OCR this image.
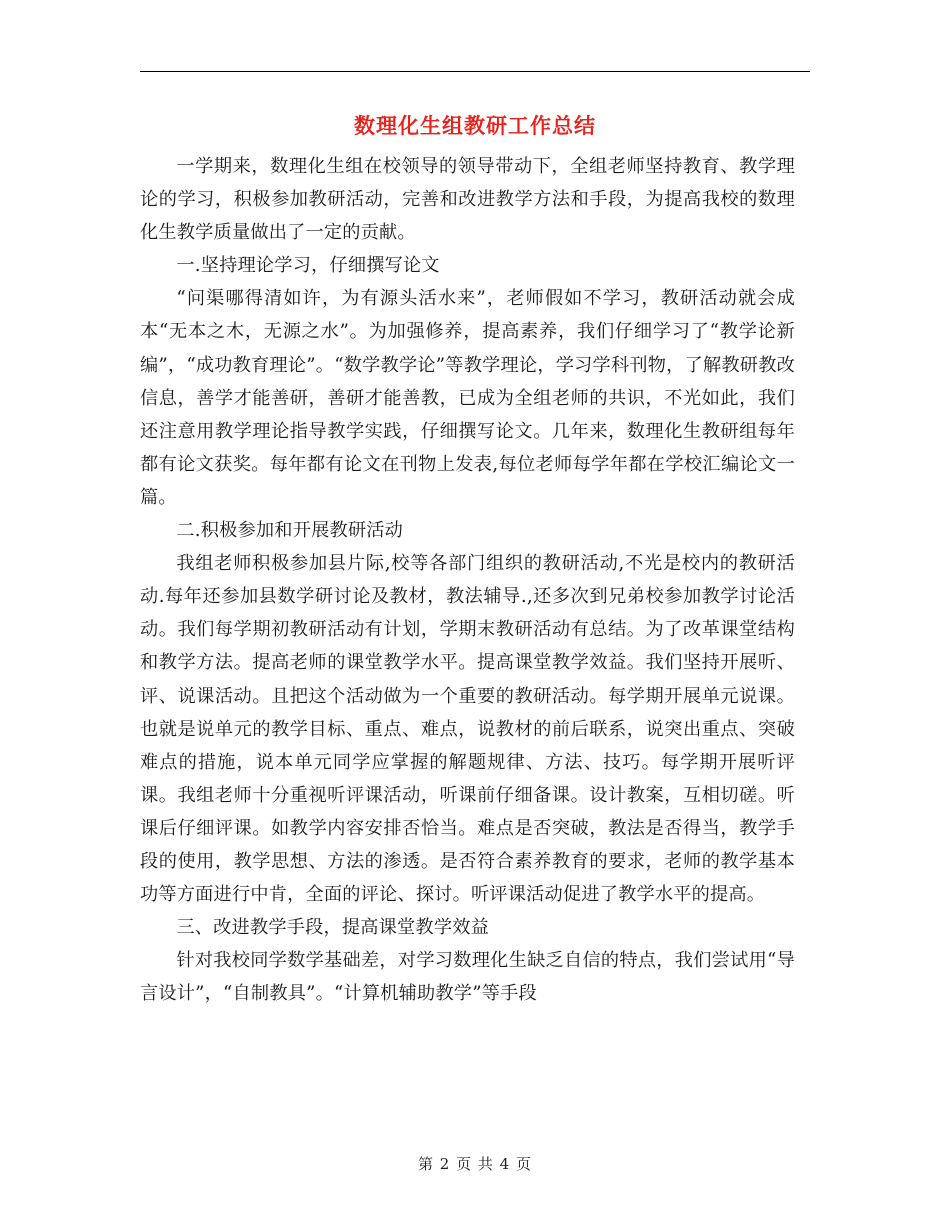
数理化生组教研工作总结

一学期来，数理化生组在校领导的领导带动下，全组老师坚持教育、教学理论的学习，积极参加教研活动，完善和改进教学方法和手段，为提高我校的数理化生教学质量做出了一定的贡献。

一.坚持理论学习，仔细撰写论文

“问渠哪得清如许，为有源头活水来”，老师假如不学习，教研活动就会成本“无本之木，无源之水”。为加强修养，提高素养，我们仔细学习了“教学论新编”，“成功教育理论”。“数学教学论”等教学理论，学习学科刊物，了解教研教改信息，善学才能善研，善研才能善教，已成为全组老师的共识，不光如此，我们还注意用教学理论指导教学实践，仔细撰写论文。几年来，数理化生教研组每年都有论文获奖。每年都有论文在刊物上发表,每位老师每学年都在学校汇编论文一篇。

二.积极参加和开展教研活动

我组老师积极参加县片际,校等各部门组织的教研活动,不光是校内的教研活动.每年还参加县数学研讨论及教材，教法辅导.,还多次到兄弟校参加教学讨论活动。我们每学期初教研活动有计划，学期末教研活动有总结。为了改革课堂结构和教学方法。提高老师的课堂教学水平。提高课堂教学效益。我们坚持开展听、评、说课活动。且把这个活动做为一个重要的教研活动。每学期开展单元说课。也就是说单元的教学目标、重点、难点，说教材的前后联系，说突出重点、突破难点的措施，说本单元同学应掌握的解题规律、方法、技巧。每学期开展听评课。我组老师十分重视听评课活动，听课前仔细备课。设计教案，互相切磋。听课后仔细评课。如教学内容安排否恰当。难点是否突破，教法是否得当，教学手段的使用，教学思想、方法的渗透。是否符合素养教育的要求，老师的教学基本功等方面进行中肯，全面的评论、探讨。听评课活动促进了教学水平的提高。

三、改进教学手段，提高课堂教学效益

针对我校同学数学基础差，对学习数理化生缺乏自信的特点，我们尝试用“导言设计”，“自制教具”。“计算机辅助教学”等手段

第 2 页 共 4 页
